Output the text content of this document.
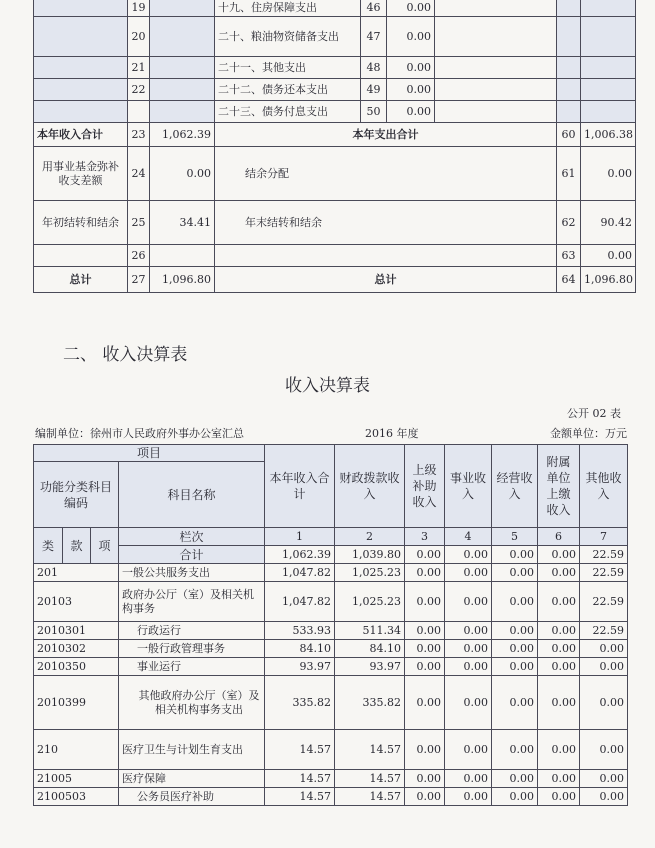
	19		十九、住房保障支出	46	0.00			
	20		二十、粮油物资储备支出	47	0.00			
	21		二十一、其他支出	48	0.00			
	22		二十二、债务还本支出	49	0.00			
			二十三、债务付息支出	50	0.00			
本年收入合计	23	1,062.39	本年支出合计				60	1,006.38
用事业基金弥补收支差额	24	0.00	结余分配				61	0.00
年初结转和结余	25	34.41	年末结转和结余				62	90.42
	26						63	0.00
总计	27	1,096.80	总计				64	1,096.80
二、 收入决算表
收入决算表
公开 02 表
编制单位：徐州市人民政府外事办公室汇总	2016 年度	金额单位：万元
项目				本年收入合计	财政拨款收入	上级补助收入	事业收入	经营收入	附属单位上缴收入	其他收入
功能分类科目编码			科目名称							

类	款	项	栏次	1	2	3	4	5	6	7
			合计	1,062.39	1,039.80	0.00	0.00	0.00	0.00	22.59
201			一般公共服务支出	1,047.82	1,025.23	0.00	0.00	0.00	0.00	22.59
20103			政府办公厅（室）及相关机构事务	1,047.82	1,025.23	0.00	0.00	0.00	0.00	22.59
2010301			行政运行	533.93	511.34	0.00	0.00	0.00	0.00	22.59
2010302			一般行政管理事务	84.10	84.10	0.00	0.00	0.00	0.00	0.00
2010350			事业运行	93.97	93.97	0.00	0.00	0.00	0.00	0.00
2010399			其他政府办公厅（室）及相关机构事务支出	335.82	335.82	0.00	0.00	0.00	0.00	0.00
210			医疗卫生与计划生育支出	14.57	14.57	0.00	0.00	0.00	0.00	0.00
21005			医疗保障	14.57	14.57	0.00	0.00	0.00	0.00	0.00
2100503			公务员医疗补助	14.57	14.57	0.00	0.00	0.00	0.00	0.00
